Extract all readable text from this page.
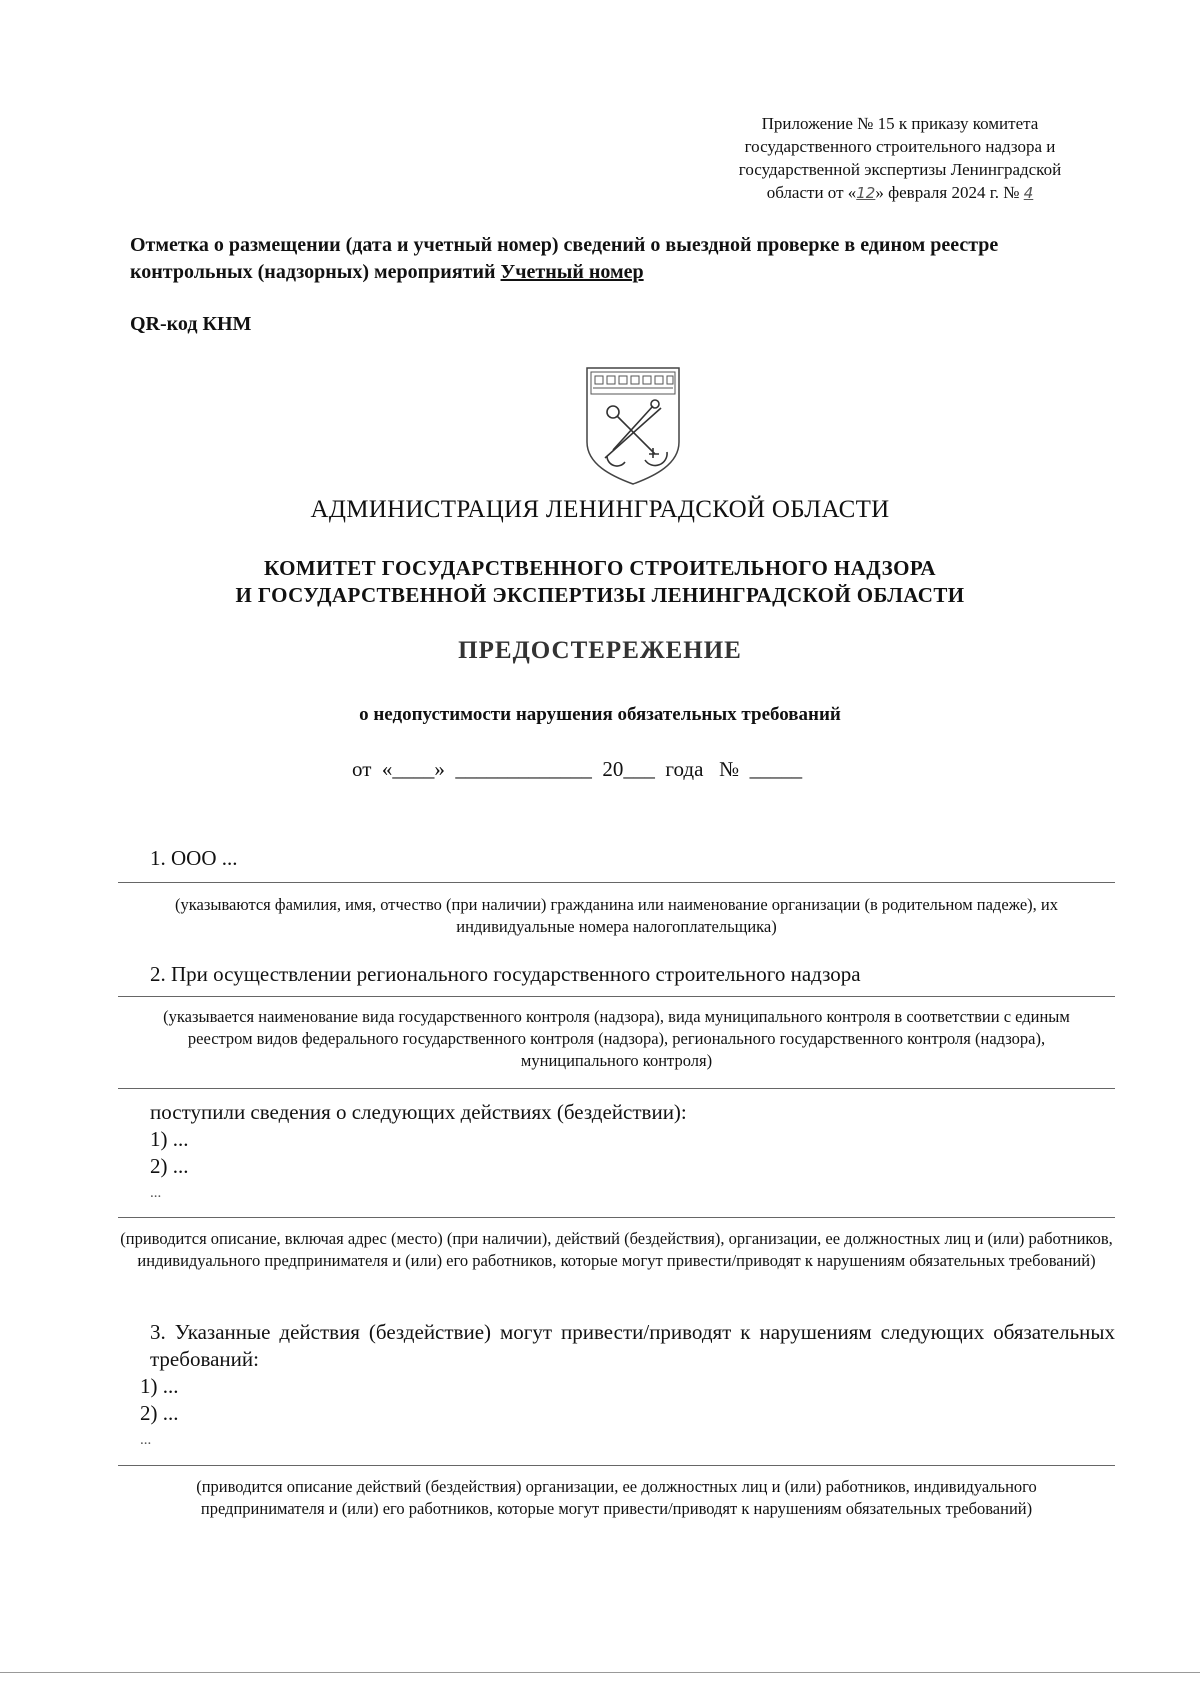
Приложение № 15 к приказу комитета
государственного строительного надзора и
государственной экспертизы Ленинградской
области от «12» февраля 2024 г. № 4
Отметка о размещении (дата и учетный номер) сведений о выездной проверке в едином реестре контрольных (надзорных) мероприятий Учетный номер
QR-код КНМ
АДМИНИСТРАЦИЯ ЛЕНИНГРАДСКОЙ ОБЛАСТИ
КОМИТЕТ ГОСУДАРСТВЕННОГО СТРОИТЕЛЬНОГО НАДЗОРА
И ГОСУДАРСТВЕННОЙ ЭКСПЕРТИЗЫ ЛЕНИНГРАДСКОЙ ОБЛАСТИ
ПРЕДОСТЕРЕЖЕНИЕ
о недопустимости нарушения обязательных требований
от  «____»  _____________  20___  года   №  _____
1. ООО ...
(указываются фамилия, имя, отчество (при наличии) гражданина или наименование организации (в родительном падеже), их индивидуальные номера налогоплательщика)
2. При осуществлении регионального государственного строительного надзора
(указывается наименование вида государственного контроля (надзора), вида муниципального контроля в соответствии с единым реестром видов федерального государственного контроля (надзора), регионального государственного контроля (надзора), муниципального контроля)
поступили сведения о следующих действиях (бездействии):
1) ...
2) ...
...
(приводится описание, включая адрес (место) (при наличии), действий (бездействия), организации, ее должностных лиц и (или) работников, индивидуального предпринимателя и (или) его работников, которые могут привести/приводят к нарушениям обязательных требований)
3. Указанные действия (бездействие) могут привести/приводят к нарушениям следующих обязательных требований:
1) ...
2) ...
...
(приводится описание действий (бездействия) организации, ее должностных лиц и (или) работников, индивидуального предпринимателя и (или) его работников, которые могут привести/приводят к нарушениям обязательных требований)
